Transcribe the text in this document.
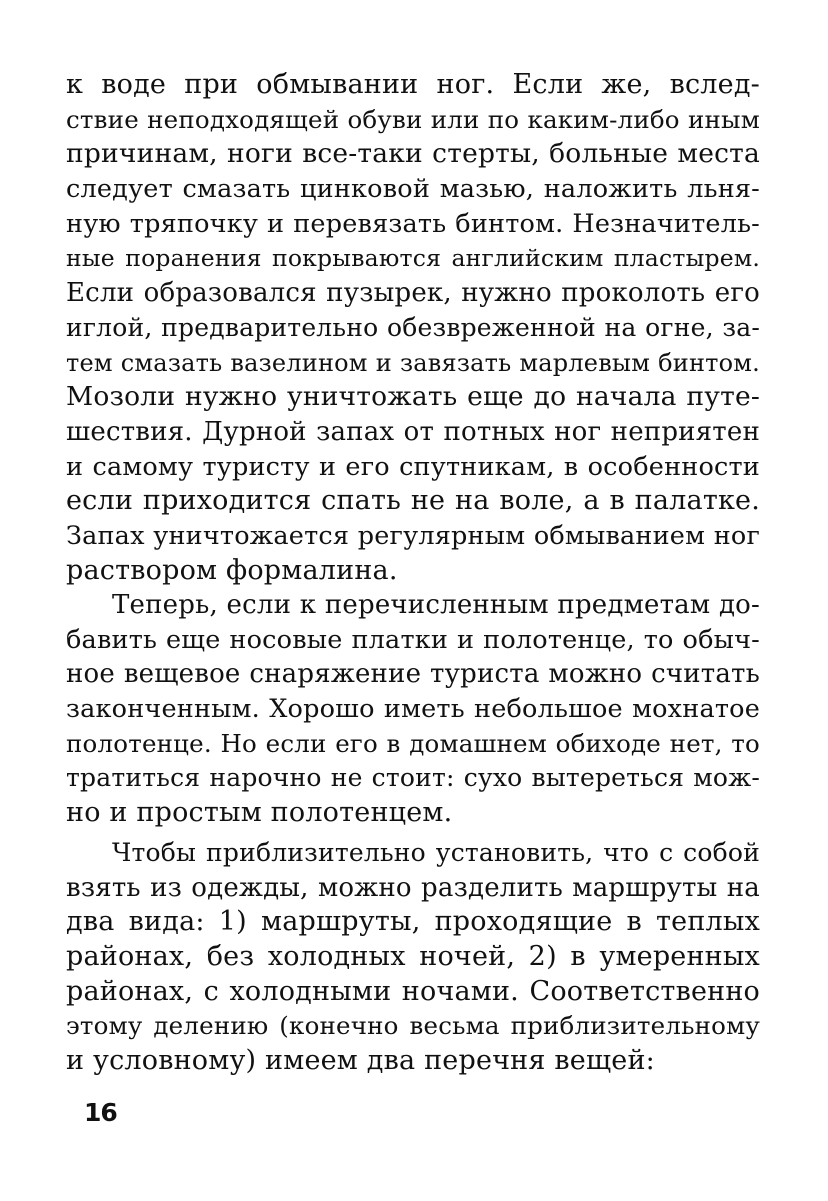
к воде при обмывании ног. Если же, вслед-
ствие неподходящей обуви или по каким-либо иным
причинам, ноги все-таки стерты, больные места
следует смазать цинковой мазью, наложить льня-
ную тряпочку и перевязать бинтом. Незначитель-
ные поранения покрываются английским пластырем.
Если образовался пузырек, нужно проколоть его
иглой, предварительно обезвреженной на огне, за-
тем смазать вазелином и завязать марлевым бинтом.
Мозоли нужно уничтожать еще до начала путе-
шествия. Дурной запах от потных ног неприятен
и самому туристу и его спутникам, в особенности
если приходится спать не на воле, а в палатке.
Запах уничтожается регулярным обмыванием ног
раствором формалина.
Теперь, если к перечисленным предметам до-
бавить еще носовые платки и полотенце, то обыч-
ное вещевое снаряжение туриста можно считать
законченным. Хорошо иметь небольшое мохнатое
полотенце. Но если его в домашнем обиходе нет, то
тратиться нарочно не стоит: сухо вытереться мож-
но и простым полотенцем.
Чтобы приблизительно установить, что с собой
взять из одежды, можно разделить маршруты на
два вида: 1) маршруты, проходящие в теплых
районах, без холодных ночей, 2) в умеренных
районах, с холодными ночами. Соответственно
этому делению (конечно весьма приблизительному
и условному) имеем два перечня вещей:
16
